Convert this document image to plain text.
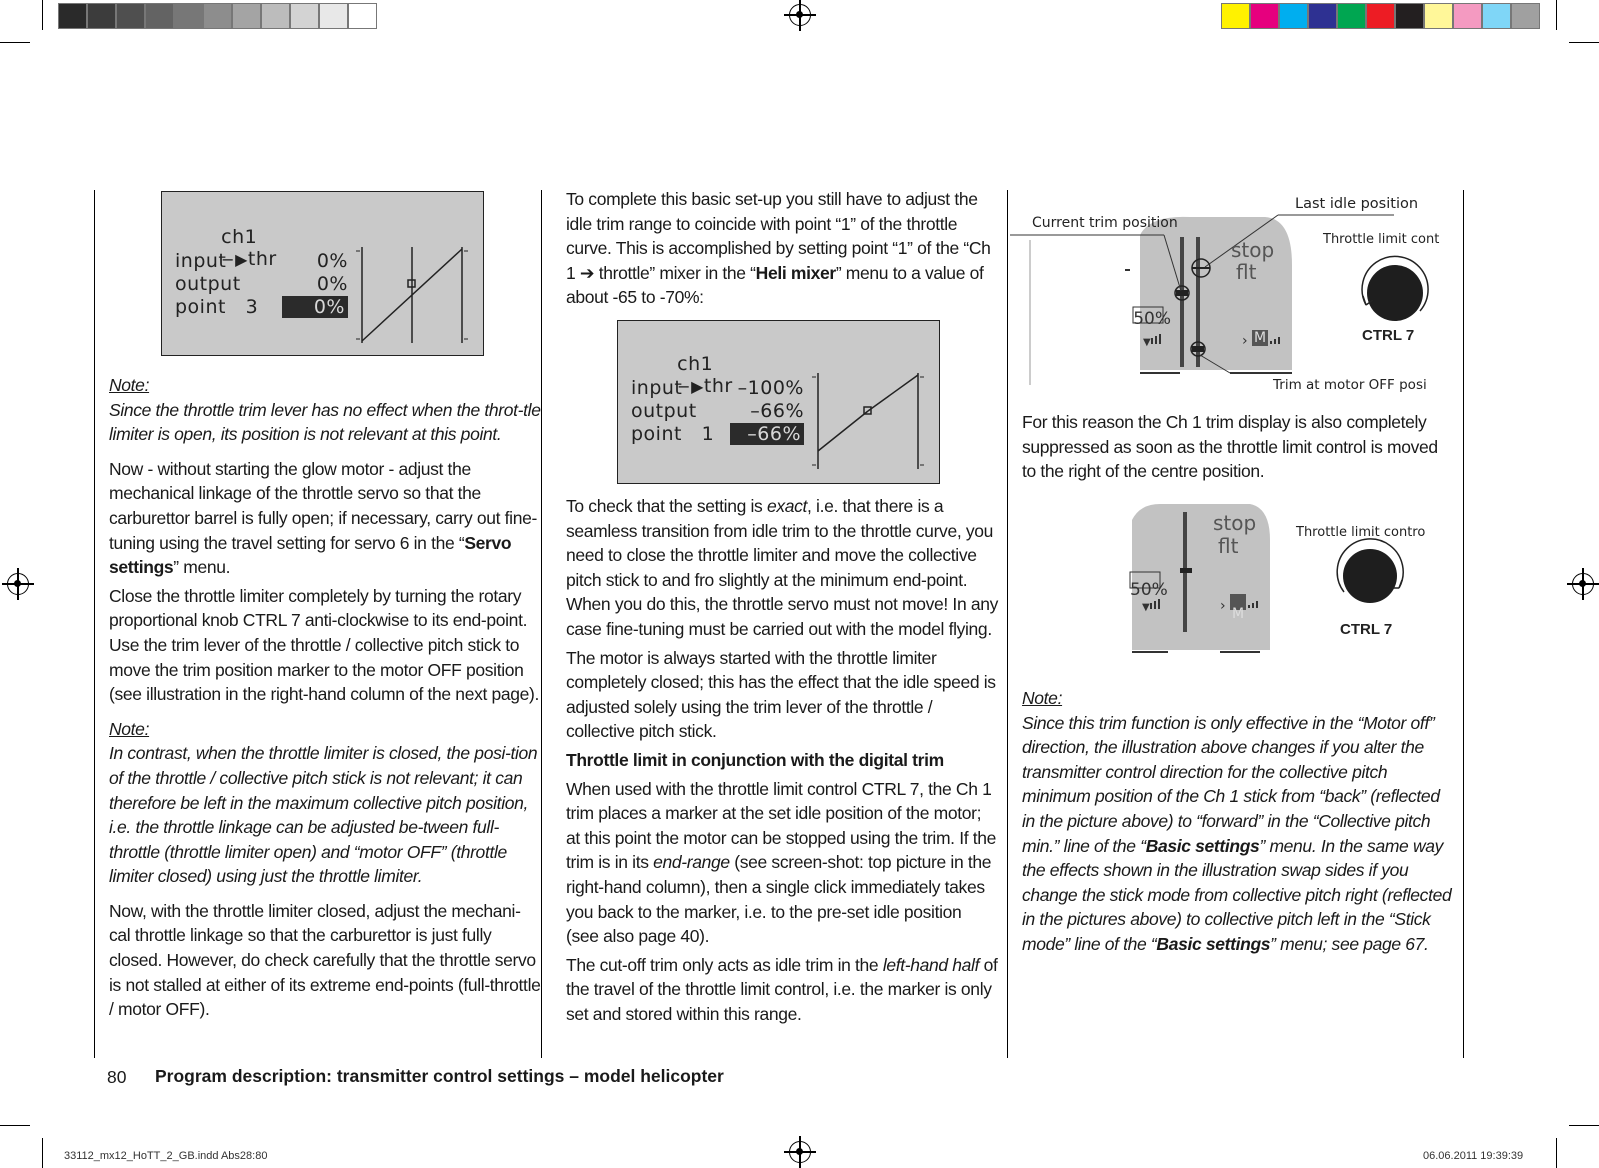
ch1
−▶thr

input	0%
output	0%
point   3	0%

Note:

Since the throttle trim lever has no effect when the throt-tle limiter is open, its position is not relevant at this point.

Now - without starting the glow motor - adjust the mechanical linkage of the throttle servo so that the carburettor barrel is fully open; if necessary, carry out fine-tuning using the travel setting for servo 6 in the “Servo settings” menu.

Close the throttle limiter completely by turning the rotary proportional knob CTRL 7 anti-clockwise to its end-point. Use the trim lever of the throttle / collective pitch stick to move the trim position marker to the motor OFF position (see illustration in the right-hand column of the next page).

Note:

In contrast, when the throttle limiter is closed, the posi-tion of the throttle / collective pitch stick is not relevant; it can therefore be left in the maximum collective pitch position, i.e. the throttle linkage can be adjusted be-tween full-throttle (throttle limiter open) and “motor OFF” (throttle limiter closed) using just the throttle limiter.

Now, with the throttle limiter closed, adjust the mechani-cal throttle linkage so that the carburettor is just fully closed. However, do check carefully that the throttle servo is not stalled at either of its extreme end-points (full-throttle / motor OFF).

To complete this basic set-up you still have to adjust the idle trim range to coincide with point “1” of the throttle curve. This is accomplished by setting point “1” of the “Ch 1 ➔ throttle” mixer in the “Heli mixer” menu to a value of about -65 to -70%:

ch1
−▶thr

input	–100%
output	–66%
point   1	–66%

To check that the setting is exact, i.e. that there is a seamless transition from idle trim to the throttle curve, you need to close the throttle limiter and move the collective pitch stick to and fro slightly at the minimum end-point. When you do this, the throttle servo must not move! In any case fine-tuning must be carried out with the model flying.

The motor is always started with the throttle limiter completely closed; this has the effect that the idle speed is adjusted solely using the trim lever of the throttle / collective pitch stick.

Throttle limit in conjunction with the digital trim

When used with the throttle limit control CTRL 7, the Ch 1 trim places a marker at the set idle position of the motor; at this point the motor can be stopped using the trim. If the trim is in its end-range (see screen-shot: top picture in the right-hand column), then a single click immediately takes you back to the marker, i.e. to the pre-set idle position (see also page 40).

The cut-off trim only acts as idle trim in the left-hand half of the travel of the throttle limit control, i.e. the marker is only set and stored within this range.

▼	›
Last idle position
Current trim position
Throttle limit cont
Trim at motor OFF posi
stop
flt
50%
M	CTRL 7

For this reason the Ch 1 trim display is also completely suppressed as soon as the throttle limit control is moved to the right of the centre position.

▼	›
Throttle limit contro
stop
flt
50%
M
CTRL 7

Note:

Since this trim function is only effective in the “Motor off” direction, the illustration above changes if you alter the transmitter control direction for the collective pitch minimum position of the Ch 1 stick from “back” (reflected in the picture above) to “forward” in the “Collective pitch min.” line of the “Basic settings” menu. In the same way the effects shown in the illustration swap sides if you change the stick mode from collective pitch right (reflected in the pictures above) to collective pitch left in the “Stick mode” line of the “Basic settings” menu; see page 67.

80 Program description: transmitter control settings – model helicopter
33112_mx12_HoTT_2_GB.indd Abs28:80	06.06.2011 19:39:39
